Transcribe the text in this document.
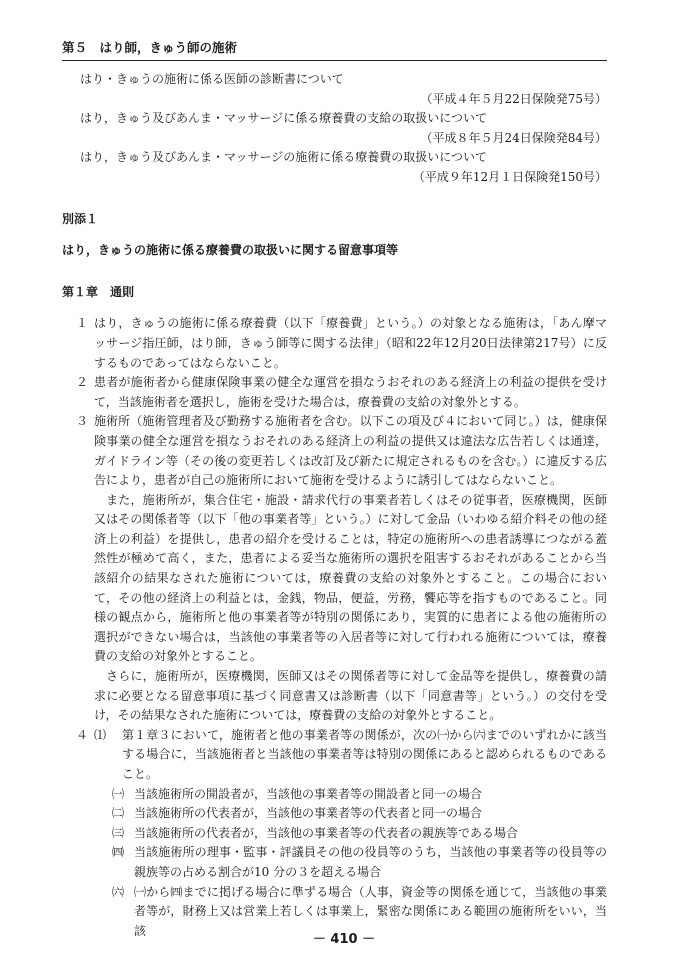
第５　はり師，きゅう師の施術

はり・きゅうの施術に係る医師の診断書について

（平成４年５月22日保険発75号）

はり，きゅう及びあんま・マッサージに係る療養費の支給の取扱いについて

（平成８年５月24日保険発84号）

はり，きゅう及びあんま・マッサージの施術に係る療養費の取扱いについて

（平成９年12月１日保険発150号）

別添１

はり，きゅうの施術に係る療養費の取扱いに関する留意事項等

第１章　通則

１ はり，きゅうの施術に係る療養費（以下「療養費」という。）の対象となる施術は，「あん摩マッサージ指圧師，はり師，きゅう師等に関する法律」（昭和22年12月20日法律第217号）に反するものであってはならないこと。
２ 患者が施術者から健康保険事業の健全な運営を損なうおそれのある経済上の利益の提供を受けて，当該施術者を選択し，施術を受けた場合は，療養費の支給の対象外とする。
３ 施術所（施術管理者及び勤務する施術者を含む。以下この項及び４において同じ。）は，健康保険事業の健全な運営を損なうおそれのある経済上の利益の提供又は違法な広告若しくは通達，ガイドライン等（その後の変更若しくは改訂及び新たに規定されるものを含む。）に違反する広告により，患者が自己の施術所において施術を受けるように誘引してはならないこと。

また，施術所が，集合住宅・施設・請求代行の事業者若しくはその従事者，医療機関，医師又はその関係者等（以下「他の事業者等」という。）に対して金品（いわゆる紹介料その他の経済上の利益）を提供し，患者の紹介を受けることは，特定の施術所への患者誘導につながる蓋然性が極めて高く，また，患者による妥当な施術所の選択を阻害するおそれがあることから当該紹介の結果なされた施術については，療養費の支給の対象外とすること。この場合において，その他の経済上の利益とは，金銭，物品，便益，労務，饗応等を指すものであること。同様の観点から，施術所と他の事業者等が特別の関係にあり，実質的に患者による他の施術所の選択ができない場合は，当該他の事業者等の入居者等に対して行われる施術については，療養費の支給の対象外とすること。

さらに，施術所が，医療機関，医師又はその関係者等に対して金品等を提供し，療養費の請求に必要となる留意事項に基づく同意書又は診断書（以下「同意書等」という。）の交付を受け，その結果なされた施術については，療養費の支給の対象外とすること。

４ ⑴	第１章３において，施術者と他の事業者等の関係が，次の㈠から㈥までのいずれかに該当する場合に，当該施術者と当該他の事業者等は特別の関係にあると認められるものであること。
㈠ 当該施術所の開設者が，当該他の事業者等の開設者と同一の場合
㈡ 当該施術所の代表者が，当該他の事業者等の代表者と同一の場合
㈢ 当該施術所の代表者が，当該他の事業者等の代表者の親族等である場合
㈣ 当該施術所の理事・監事・評議員その他の役員等のうち，当該他の事業者等の役員等の親族等の占める割合が10 分の３を超える場合
㈥ ㈠から㈣までに掲げる場合に準ずる場合（人事，資金等の関係を通じて，当該他の事業者等が，財務上又は営業上若しくは事業上，緊密な関係にある範囲の施術所をいい，当該
－ 410 －
